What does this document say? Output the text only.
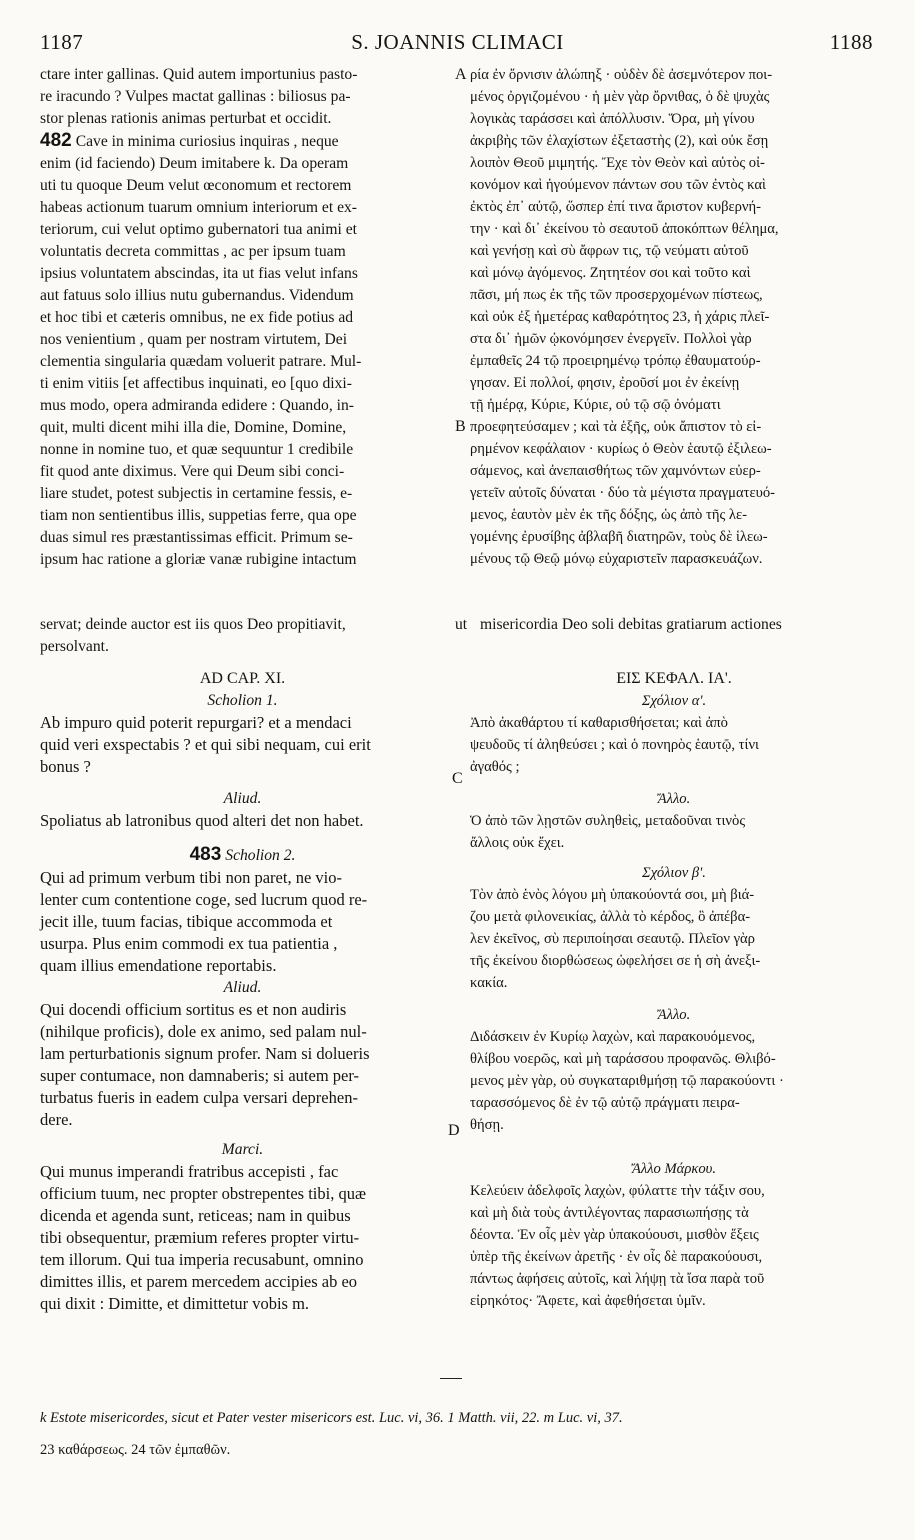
1187	S. JOANNIS CLIMACI	1188
A
B
C
D
ctare inter gallinas. Quid autem importunius pasto-
re iracundo ? Vulpes mactat gallinas : biliosus pa-
stor plenas rationis animas perturbat et occidit.
482 Cave in minima curiosius inquiras , neque
enim (id faciendo) Deum imitabere k. Da operam
uti tu quoque Deum velut œconomum et rectorem
habeas actionum tuarum omnium interiorum et ex-
teriorum, cui velut optimo gubernatori tua animi et
voluntatis decreta committas , ac per ipsum tuam
ipsius voluntatem abscindas, ita ut fias velut infans
aut fatuus solo illius nutu gubernandus. Videndum
et hoc tibi et cæteris omnibus, ne ex fide potius ad
nos venientium , quam per nostram virtutem, Dei
clementia singularia quædam voluerit patrare. Mul-
ti enim vitiis [et affectibus inquinati, eo [quo dixi-
mus modo, opera admiranda edidere : Quando, in-
quit, multi dicent mihi illa die, Domine, Domine,
nonne in nomine tuo, et quæ sequuntur 1 credibile
fit quod ante diximus. Vere qui Deum sibi conci-
liare studet, potest subjectis in certamine fessis, e-
tiam non sentientibus illis, suppetias ferre, qua ope
duas simul res præstantissimas efficit. Primum se-
ipsum hac ratione a gloriæ vanæ rubigine intactum
ρία ἐν ὄρνισιν ἀλώπηξ · οὐδὲν δὲ ἀσεμνότερον ποι-
μένος ὀργιζομένου · ἡ μὲν γὰρ ὄρνιθας, ὁ δὲ ψυχὰς
λογικὰς ταράσσει καὶ ἀπόλλυσιν. Ὅρα, μὴ γίνου
ἀκριβὴς τῶν ἐλαχίστων ἐξεταστὴς (2), καὶ οὐκ ἔσῃ
λοιπὸν Θεοῦ μιμητής. Ἔχε τὸν Θεὸν καὶ αὐτὸς οἰ-
κονόμον καὶ ἡγούμενον πάντων σου τῶν ἐντὸς καὶ
ἐκτὸς ἐπ᾿ αὐτῷ, ὥσπερ ἐπί τινα ἄριστον κυβερνή-
την · καὶ δι᾿ ἐκείνου τὸ σεαυτοῦ ἀποκόπτων θέλημα,
καὶ γενήσῃ καὶ σὺ ἄφρων τις, τῷ νεύματι αὐτοῦ
καὶ μόνῳ ἀγόμενος. Ζητητέον σοι καὶ τοῦτο καὶ
πᾶσι, μή πως ἐκ τῆς τῶν προσερχομένων πίστεως,
καὶ οὐκ ἐξ ἡμετέρας καθαρότητος 23, ἡ χάρις πλεῖ-
στα δι᾿ ἡμῶν ᾠκονόμησεν ἐνεργεῖν. Πολλοὶ γὰρ
ἐμπαθεῖς 24 τῷ προειρημένῳ τρόπῳ ἐθαυματούρ-
γησαν. Εἰ πολλοί, φησιν, ἐροῦσί μοι ἐν ἐκείνῃ
τῇ ἡμέρᾳ, Κύριε, Κύριε, οὐ τῷ σῷ ὀνόματι
προεφητεύσαμεν ; καὶ τὰ ἑξῆς, οὐκ ἄπιστον τὸ εἰ-
ρημένον κεφάλαιον · κυρίως ὁ Θεὸν ἑαυτῷ ἐξιλεω-
σάμενος, καὶ ἀνεπαισθήτως τῶν χαμνόντων εὐερ-
γετεῖν αὐτοῖς δύναται · δύο τὰ μέγιστα πραγματευό-
μενος, ἑαυτὸν μὲν ἐκ τῆς δόξης, ὡς ἀπὸ τῆς λε-
γομένης ἐρυσίβης ἀβλαβῆ διατηρῶν, τοὺς δὲ ἱλεω-
μένους τῷ Θεῷ μόνῳ εὐχαριστεῖν παρασκευάζων.
servat; deinde auctor est iis quos Deo propitiavit,	ut misericordia Deo soli debitas gratiarum actiones
persolvant.

AD CAP. XI.

Scholion 1.

Ab impuro quid poterit repurgari? et a mendaci
quid veri exspectabis ? et qui sibi nequam, cui erit
bonus ?

Aliud.

Spoliatus ab latronibus quod alteri det non habet.

483 Scholion 2.

Qui ad primum verbum tibi non paret, ne vio-
lenter cum contentione coge, sed lucrum quod re-
jecit ille, tuum facias, tibique accommoda et
usurpa. Plus enim commodi ex tua patientia ,
quam illius emendatione reportabis.

Aliud.

Qui docendi officium sortitus es et non audiris
(nihilque proficis), dole ex animo, sed palam nul-
lam perturbationis signum profer. Nam si dolueris
super contumace, non damnaberis; si autem per-
turbatus fueris in eadem culpa versari deprehen-
dere.

Marci.

Qui munus imperandi fratribus accepisti , fac
officium tuum, nec propter obstrepentes tibi, quæ
dicenda et agenda sunt, reticeas; nam in quibus
tibi obsequentur, præmium referes propter virtu-
tem illorum. Qui tua imperia recusabunt, omnino
dimittes illis, et parem mercedem accipies ab eo
qui dixit : Dimitte, et dimittetur vobis m.

ΕΙΣ ΚΕΦΑΛ. ΙΑ'.

Σχόλιον α'.

Ἀπὸ ἀκαθάρτου τί καθαρισθήσεται; καὶ ἀπὸ
ψευδοῦς τί ἀληθεύσει ; καὶ ὁ πονηρὸς ἑαυτῷ, τίνι
ἀγαθός ;

Ἄλλο.

Ὁ ἀπὸ τῶν λῃστῶν συληθεὶς, μεταδοῦναι τινὸς
ἄλλοις οὐκ ἔχει.

Σχόλιον β'.

Τὸν ἀπὸ ἑνὸς λόγου μὴ ὑπακούοντά σοι, μὴ βιά-
ζου μετὰ φιλονεικίας, ἀλλὰ τὸ κέρδος, ὃ ἀπέβα-
λεν ἐκεῖνος, σὺ περιποίησαι σεαυτῷ. Πλεῖον γὰρ
τῆς ἐκείνου διορθώσεως ὠφελήσει σε ἡ σὴ ἀνεξι-
κακία.

Ἄλλο.

Διδάσκειν ἐν Κυρίῳ λαχὼν, καὶ παρακουόμενος,
θλίβου νοερῶς, καὶ μὴ ταράσσου προφανῶς. Θλιβό-
μενος μὲν γὰρ, οὐ συγκαταριθμήσῃ τῷ παρακούοντι ·
ταρασσόμενος δὲ ἐν τῷ αὐτῷ πράγματι πειρα-
θήσῃ.

Ἄλλο Μάρκου.

Κελεύειν ἀδελφοῖς λαχὼν, φύλαττε τὴν τάξιν σου,
καὶ μὴ διὰ τοὺς ἀντιλέγοντας παρασιωπήσῃς τὰ
δέοντα. Ἐν οἷς μὲν γὰρ ὑπακούουσι, μισθὸν ἕξεις
ὑπὲρ τῆς ἐκείνων ἀρετῆς · ἐν οἷς δὲ παρακούουσι,
πάντως ἀφήσεις αὐτοῖς, καὶ λήψῃ τὰ ἴσα παρὰ τοῦ
εἰρηκότος· Ἄφετε, καὶ ἀφεθήσεται ὑμῖν.
k Estote misericordes, sicut et Pater vester misericors est. Luc. vi, 36. 1 Matth. vii, 22. m Luc. vi, 37.
23 καθάρσεως. 24 τῶν ἐμπαθῶν.
